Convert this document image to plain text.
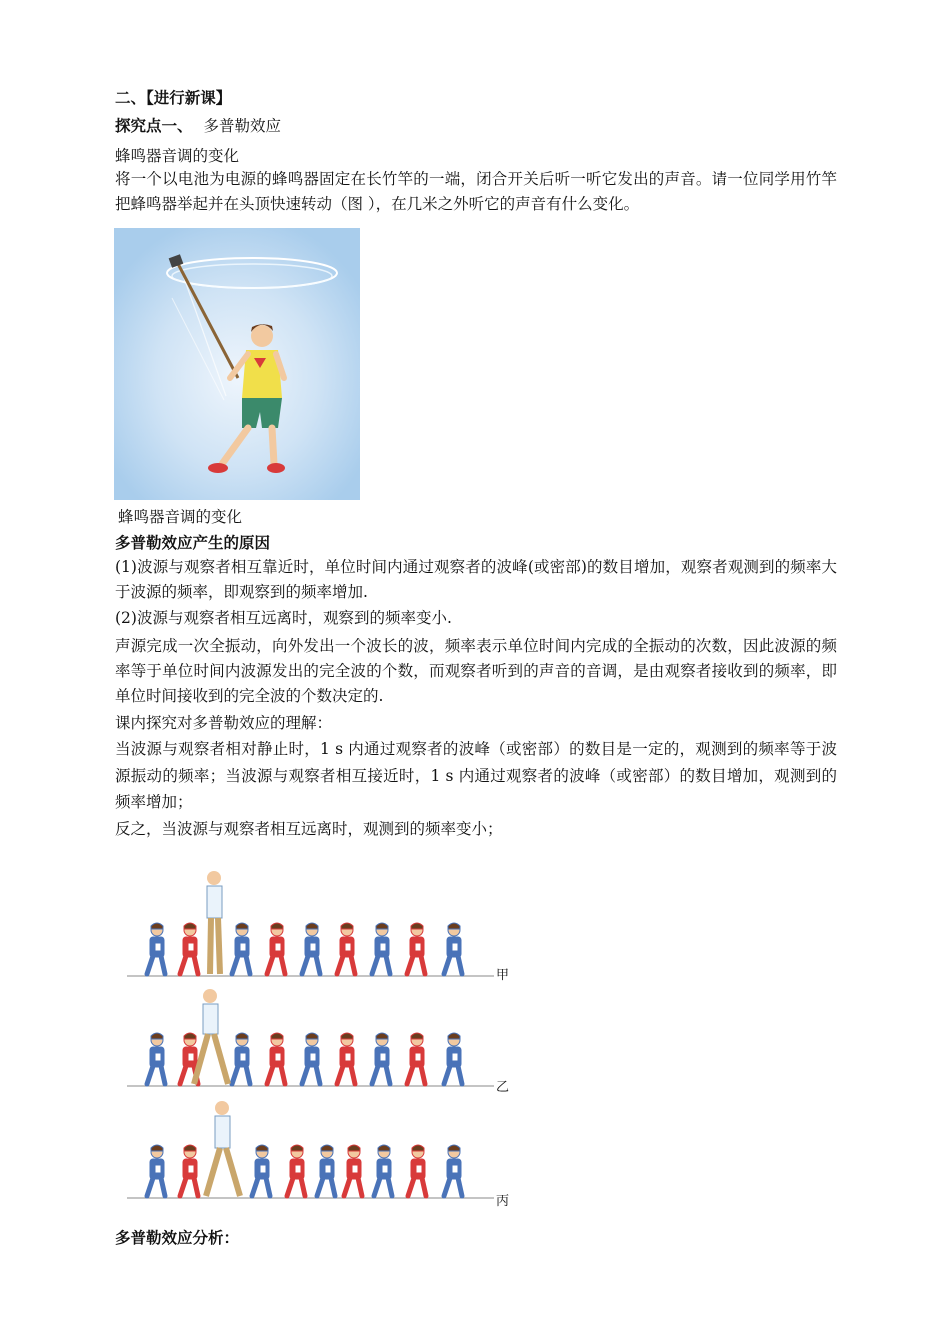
二、【进行新课】
探究点一、 多普勒效应
蜂鸣器音调的变化
将一个以电池为电源的蜂鸣器固定在长竹竿的一端，闭合开关后听一听它发出的声音。请一位同学用竹竿把蜂鸣器举起并在头顶快速转动（图 ），在几米之外听它的声音有什么变化。
蜂鸣器音调的变化
多普勒效应产生的原因
(1)波源与观察者相互靠近时，单位时间内通过观察者的波峰(或密部)的数目增加，观察者观测到的频率大于波源的频率，即观察到的频率增加.
(2)波源与观察者相互远离时，观察到的频率变小.
声源完成一次全振动，向外发出一个波长的波，频率表示单位时间内完成的全振动的次数，因此波源的频率等于单位时间内波源发出的完全波的个数，而观察者听到的声音的音调，是由观察者接收到的频率，即单位时间接收到的完全波的个数决定的.
课内探究对多普勒效应的理解：
当波源与观察者相对静止时，1 s 内通过观察者的波峰（或密部）的数目是一定的，观测到的频率等于波源振动的频率；当波源与观察者相互接近时，1 s 内通过观察者的波峰（或密部）的数目增加，观测到的频率增加；
反之，当波源与观察者相互远离时，观测到的频率变小；
甲
乙
丙
多普勒效应分析：
